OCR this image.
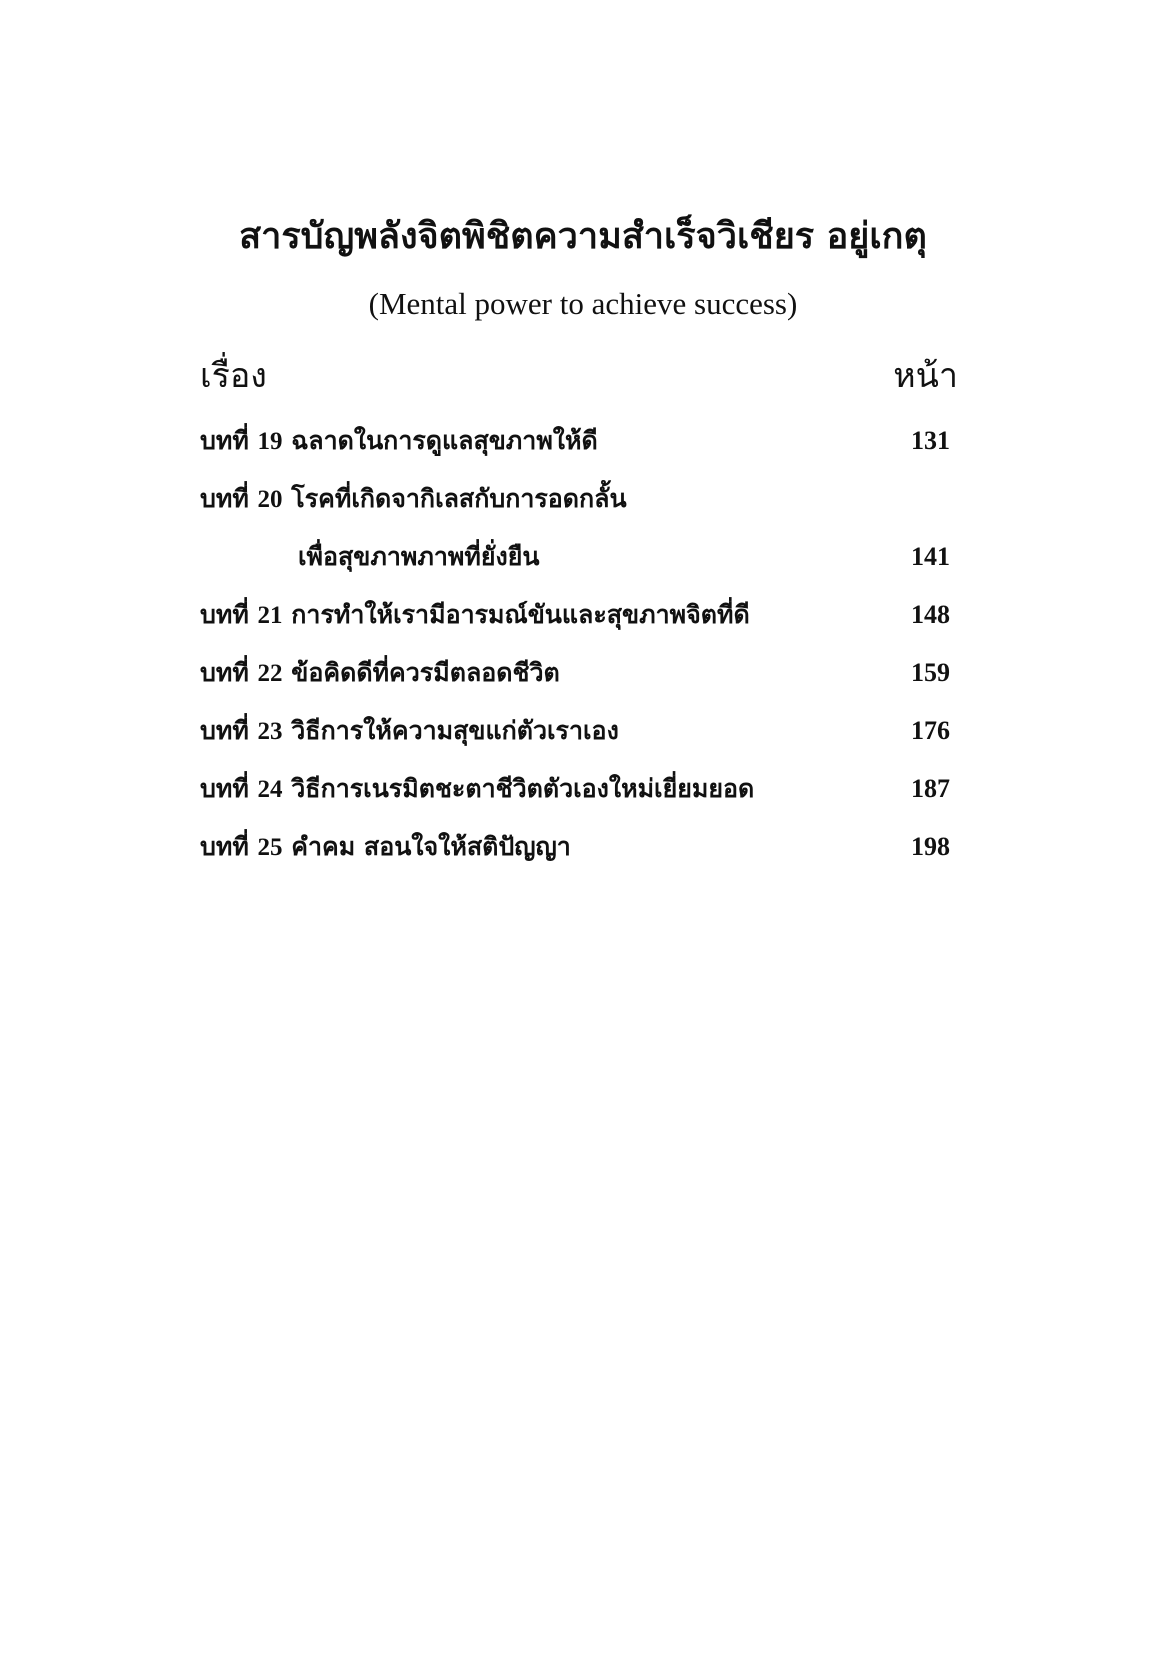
สารบัญพลังจิตพิชิตความสำเร็จวิเชียร อยู่เกตุ
(Mental power to achieve success)
เรื่อง	หน้า
บทที่ 19 ฉลาดในการดูแลสุขภาพให้ดี	131
บทที่ 20 โรคที่เกิดจากิเลสกับการอดกลั้น
เพื่อสุขภาพภาพที่ยั่งยืน	141
บทที่ 21 การทำให้เรามีอารมณ์ขันและสุขภาพจิตที่ดี	148
บทที่ 22 ข้อคิดดีที่ควรมีตลอดชีวิต	159
บทที่ 23 วิธีการให้ความสุขแก่ตัวเราเอง	176
บทที่ 24 วิธีการเนรมิตชะตาชีวิตตัวเองใหม่เยี่ยมยอด	187
บทที่ 25 คำคม สอนใจให้สติปัญญา	198
